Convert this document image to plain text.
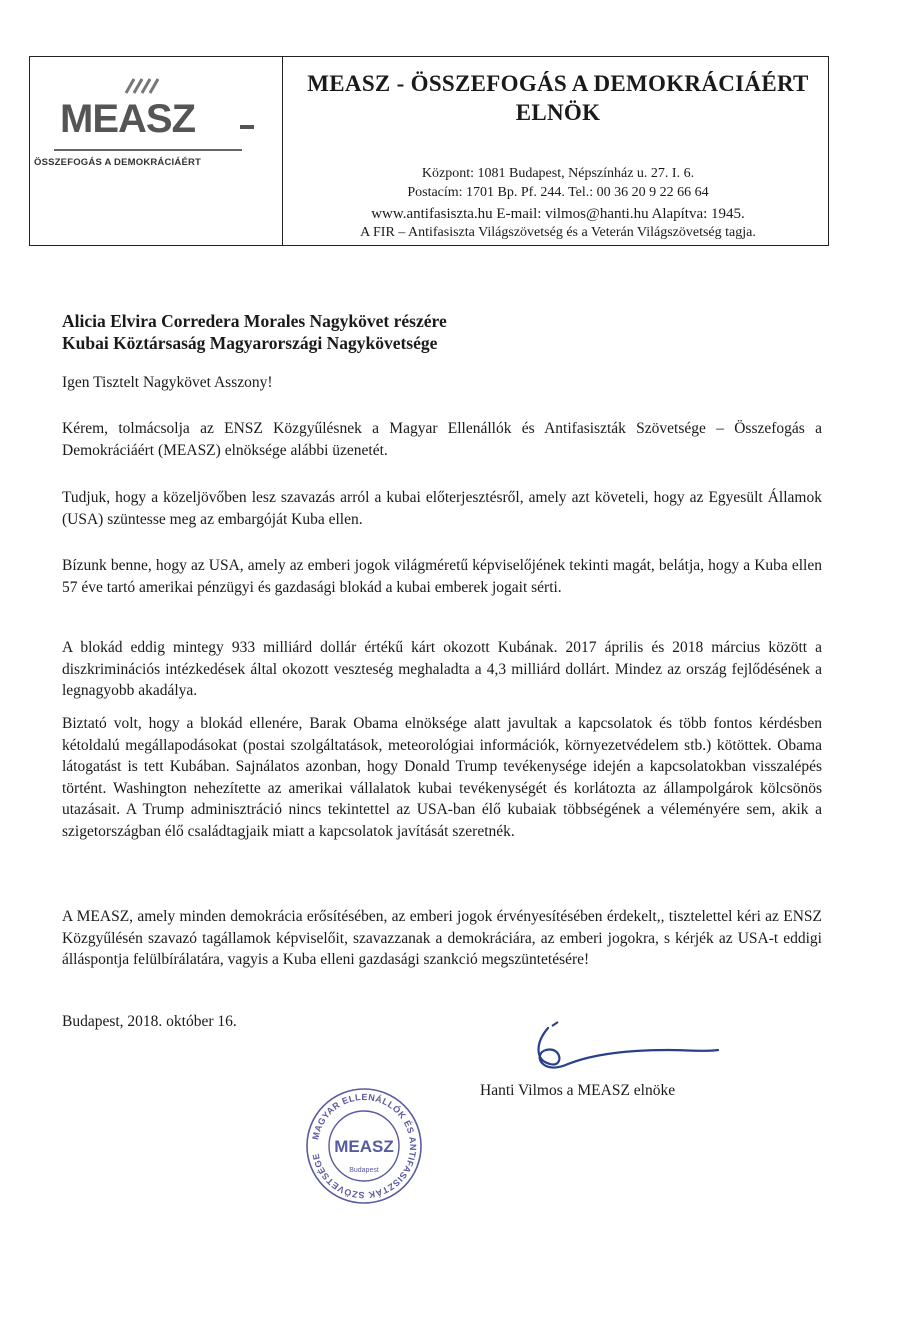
MEASZ
ÖSSZEFOGÁS A DEMOKRÁCIÁÉRT
MEASZ - ÖSSZEFOGÁS A DEMOKRÁCIÁÉRT
ELNÖK
Központ: 1081 Budapest, Népszínház u. 27. I. 6.
Postacím: 1701 Bp. Pf. 244. Tel.: 00 36 20 9 22 66 64
www.antifasiszta.hu E-mail: vilmos@hanti.hu Alapítva: 1945.
A FIR – Antifasiszta Világszövetség és a Veterán Világszövetség tagja.
Alicia Elvira Corredera Morales Nagykövet részére
Kubai Köztársaság Magyarországi Nagykövetsége
Igen Tisztelt Nagykövet Asszony!
Kérem, tolmácsolja az ENSZ Közgyűlésnek a Magyar Ellenállók és Antifasiszták Szövetsége – Összefogás a Demokráciáért (MEASZ) elnöksége alábbi üzenetét.
Tudjuk, hogy a közeljövőben lesz szavazás arról a kubai előterjesztésről, amely azt követeli, hogy az Egyesült Államok (USA) szüntesse meg az embargóját Kuba ellen.
Bízunk benne, hogy az USA, amely az emberi jogok világméretű képviselőjének tekinti magát, belátja, hogy a Kuba ellen 57 éve tartó amerikai pénzügyi és gazdasági blokád a kubai emberek jogait sérti.
A blokád eddig mintegy 933 milliárd dollár értékű kárt okozott Kubának. 2017 április és 2018 március között a diszkriminációs intézkedések által okozott veszteség meghaladta a 4,3 milliárd dollárt. Mindez az ország fejlődésének a legnagyobb akadálya.
Biztató volt, hogy a blokád ellenére, Barak Obama elnöksége alatt javultak a kapcsolatok és több fontos kérdésben kétoldalú megállapodásokat (postai szolgáltatások, meteorológiai információk, környezetvédelem stb.) kötöttek. Obama látogatást is tett Kubában. Sajnálatos azonban, hogy Donald Trump tevékenysége idején a kapcsolatokban visszalépés történt. Washington nehezítette az amerikai vállalatok kubai tevékenységét és korlátozta az állampolgárok kölcsönös utazásait. A Trump adminisztráció nincs tekintettel az USA-ban élő kubaiak többségének a véleményére sem, akik a szigetországban élő családtagjaik miatt a kapcsolatok javítását szeretnék.
A MEASZ, amely minden demokrácia erősítésében, az emberi jogok érvényesítésében érdekelt,, tisztelettel kéri az ENSZ Közgyűlésén szavazó tagállamok képviselőit, szavazzanak a demokráciára, az emberi jogokra, s kérjék az USA-t eddigi álláspontja felülbírálatára, vagyis a Kuba elleni gazdasági szankció megszüntetésére!
Budapest, 2018. október 16.
Hanti Vilmos a MEASZ elnöke
MAGYAR ELLENÁLLÓK ÉS ANTIFASISZTÁK SZÖVETSÉGE
MEASZ
Budapest
